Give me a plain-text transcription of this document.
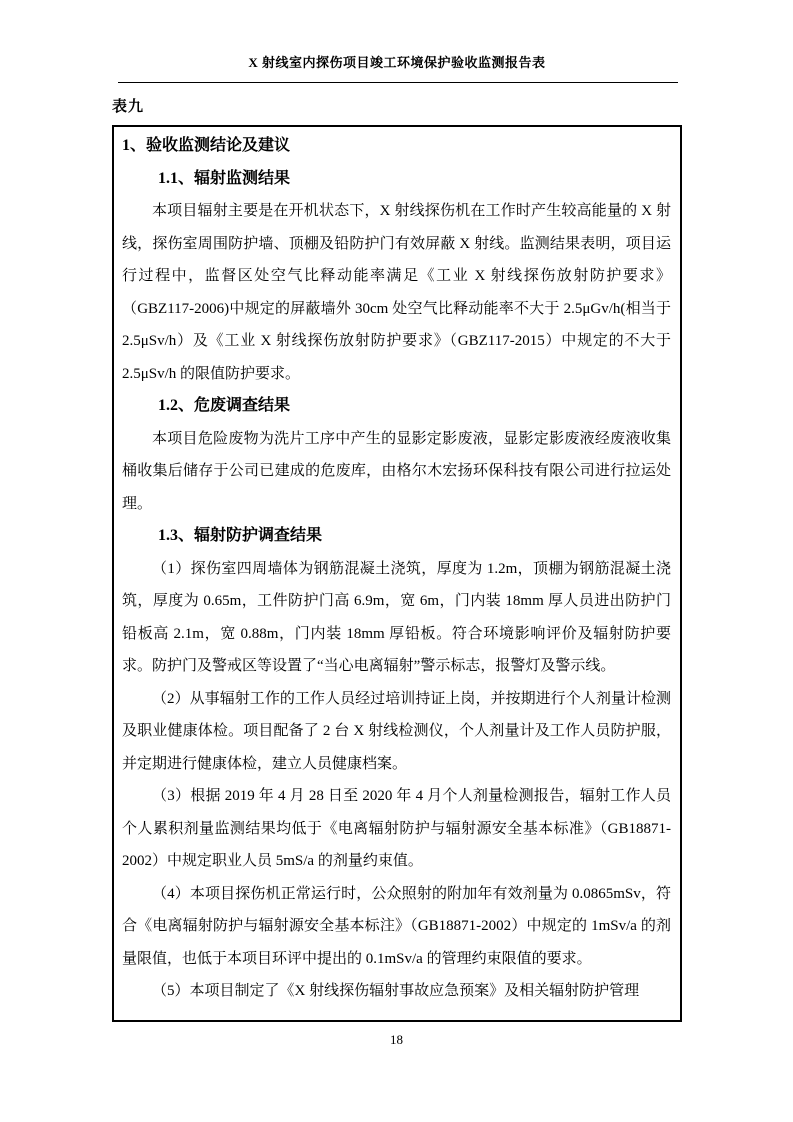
X 射线室内探伤项目竣工环境保护验收监测报告表
表九
1、验收监测结论及建议
1.1、辐射监测结果

本项目辐射主要是在开机状态下，X 射线探伤机在工作时产生较高能量的 X 射线，探伤室周围防护墙、顶棚及铅防护门有效屏蔽 X 射线。监测结果表明，项目运行过程中，监督区处空气比释动能率满足《工业 X 射线探伤放射防护要求》（GBZ117-2006)中规定的屏蔽墙外 30cm 处空气比释动能率不大于 2.5μGv/h(相当于 2.5μSv/h）及《工业 X 射线探伤放射防护要求》（GBZ117-2015）中规定的不大于 2.5μSv/h 的限值防护要求。

1.2、危废调查结果

本项目危险废物为洗片工序中产生的显影定影废液，显影定影废液经废液收集桶收集后储存于公司已建成的危废库，由格尔木宏扬环保科技有限公司进行拉运处理。

1.3、辐射防护调查结果

（1）探伤室四周墙体为钢筋混凝土浇筑，厚度为 1.2m，顶棚为钢筋混凝土浇筑，厚度为 0.65m，工件防护门高 6.9m，宽 6m，门内装 18mm 厚人员进出防护门铅板高 2.1m，宽 0.88m，门内装 18mm 厚铅板。符合环境影响评价及辐射防护要求。防护门及警戒区等设置了“当心电离辐射”警示标志，报警灯及警示线。

（2）从事辐射工作的工作人员经过培训持证上岗，并按期进行个人剂量计检测及职业健康体检。项目配备了 2 台 X 射线检测仪，个人剂量计及工作人员防护服，并定期进行健康体检，建立人员健康档案。

（3）根据 2019 年 4 月 28 日至 2020 年 4 月个人剂量检测报告，辐射工作人员个人累积剂量监测结果均低于《电离辐射防护与辐射源安全基本标准》（GB18871-2002）中规定职业人员 5mS/a 的剂量约束值。

（4）本项目探伤机正常运行时，公众照射的附加年有效剂量为 0.0865mSv，符合《电离辐射防护与辐射源安全基本标注》（GB18871-2002）中规定的 1mSv/a 的剂量限值，也低于本项目环评中提出的 0.1mSv/a 的管理约束限值的要求。

（5）本项目制定了《X 射线探伤辐射事故应急预案》及相关辐射防护管理

18
